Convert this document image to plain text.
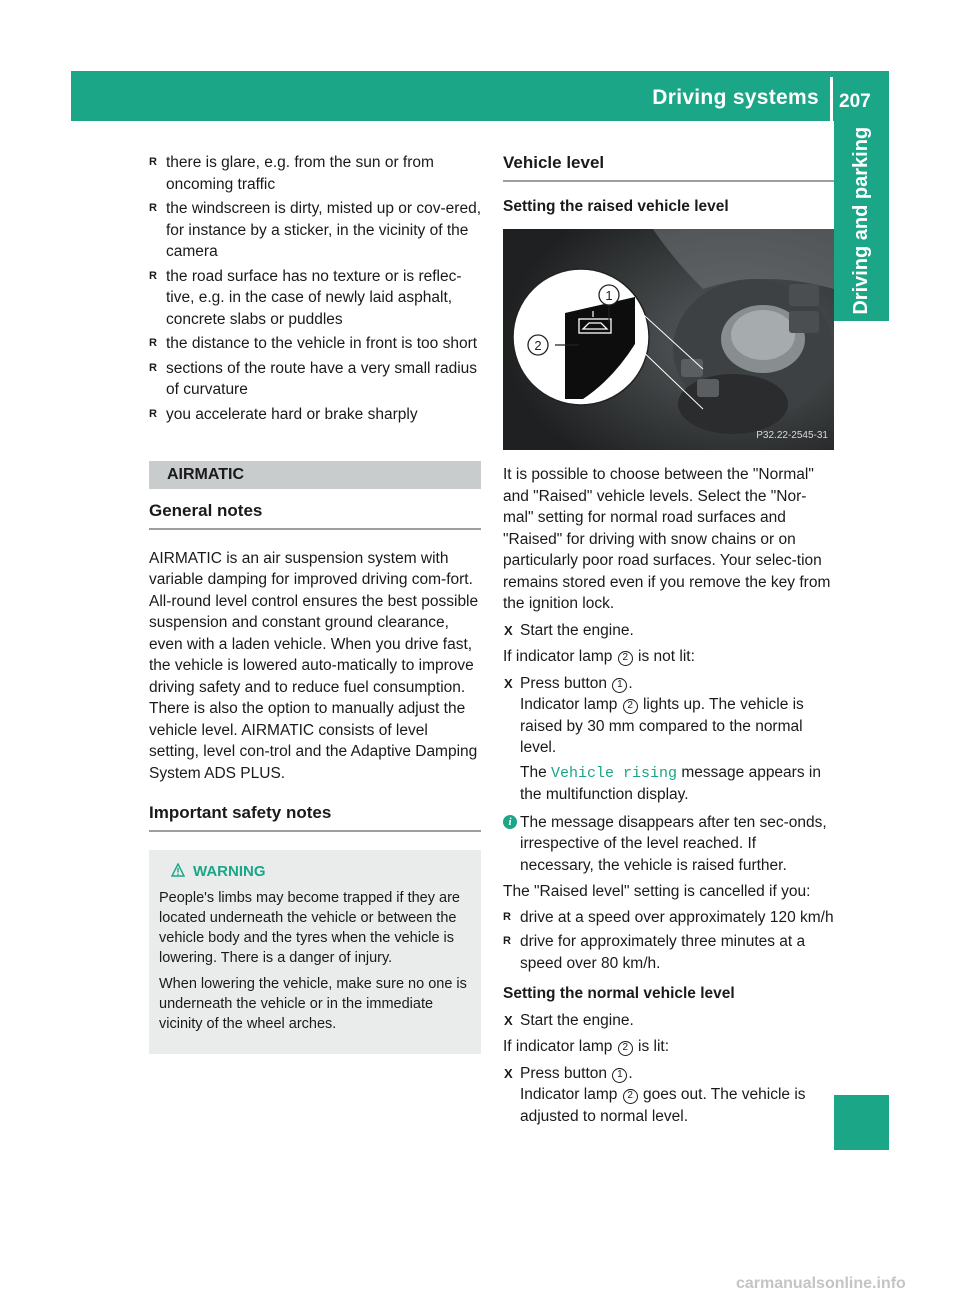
Driving systems 207
Driving and parking
R there is glare, e.g. from the sun or from oncoming traffic
R the windscreen is dirty, misted up or cov-ered, for instance by a sticker, in the vicinity of the camera
R the road surface has no texture or is reflec-tive, e.g. in the case of newly laid asphalt, concrete slabs or puddles
R the distance to the vehicle in front is too short
R sections of the route have a very small radius of curvature
R you accelerate hard or brake sharply
AIRMATIC
General notes

AIRMATIC is an air suspension system with variable damping for improved driving com-fort. All-round level control ensures the best possible suspension and constant ground clearance, even with a laden vehicle. When you drive fast, the vehicle is lowered auto-matically to improve driving safety and to reduce fuel consumption. There is also the option to manually adjust the vehicle level. AIRMATIC consists of level setting, level con-trol and the Adaptive Damping System ADS PLUS.

Important safety notes
WARNING

People's limbs may become trapped if they are located underneath the vehicle or between the vehicle body and the tyres when the vehicle is lowering. There is a danger of injury.

When lowering the vehicle, make sure no one is underneath the vehicle or in the immediate vicinity of the wheel arches.

Vehicle level
Setting the raised vehicle level
1
2
P32.22-2545-31

It is possible to choose between the "Normal" and "Raised" vehicle levels. Select the "Nor-mal" setting for normal road surfaces and "Raised" for driving with snow chains or on particularly poor road surfaces. Your selec-tion remains stored even if you remove the key from the ignition lock.

X Start the engine.

If indicator lamp 2 is not lit:

X Press button 1 .
Indicator lamp 2 lights up. The vehicle is raised by 30 mm compared to the normal level.
The Vehicle rising message appears in the multifunction display.
i The message disappears after ten sec-onds, irrespective of the level reached. If necessary, the vehicle is raised further.

The "Raised level" setting is cancelled if you:

R drive at a speed over approximately 120 km/h
R drive for approximately three minutes at a speed over 80 km/h.
Setting the normal vehicle level
X Start the engine.

If indicator lamp 2 is lit:

X Press button 1 .
Indicator lamp 2 goes out. The vehicle is adjusted to normal level.
carmanualsonline.info
